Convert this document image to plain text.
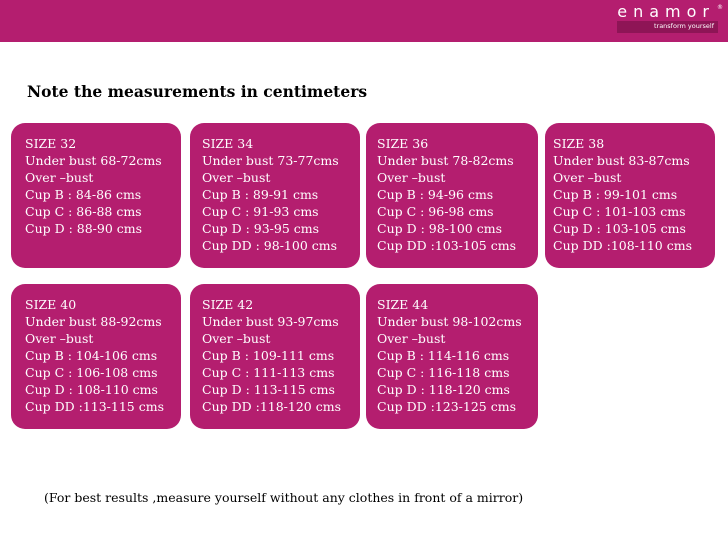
enamor ®
transform yourself

Note the measurements in centimeters

SIZE 32
Under bust 68-72cms
Over –bust
Cup B : 84-86 cms
Cup C : 86-88 cms
Cup D : 88-90 cms
SIZE 34
Under bust 73-77cms
Over –bust
Cup B : 89-91 cms
Cup C : 91-93 cms
Cup D : 93-95 cms
Cup DD : 98-100 cms
SIZE 36
Under bust 78-82cms
Over –bust
Cup B : 94-96 cms
Cup C : 96-98 cms
Cup D : 98-100 cms
Cup DD :103-105 cms
SIZE 38
Under bust 83-87cms
Over –bust
Cup B : 99-101 cms
Cup C : 101-103 cms
Cup D : 103-105 cms
Cup DD :108-110 cms
SIZE 40
Under bust 88-92cms
Over –bust
Cup B : 104-106 cms
Cup C : 106-108 cms
Cup D : 108-110 cms
Cup DD :113-115 cms
SIZE 42
Under bust 93-97cms
Over –bust
Cup B : 109-111 cms
Cup C : 111-113 cms
Cup D : 113-115 cms
Cup DD :118-120 cms
SIZE 44
Under bust 98-102cms
Over –bust
Cup B : 114-116 cms
Cup C : 116-118 cms
Cup D : 118-120 cms
Cup DD :123-125 cms
(For best results ,measure yourself without any clothes in front of a mirror)
